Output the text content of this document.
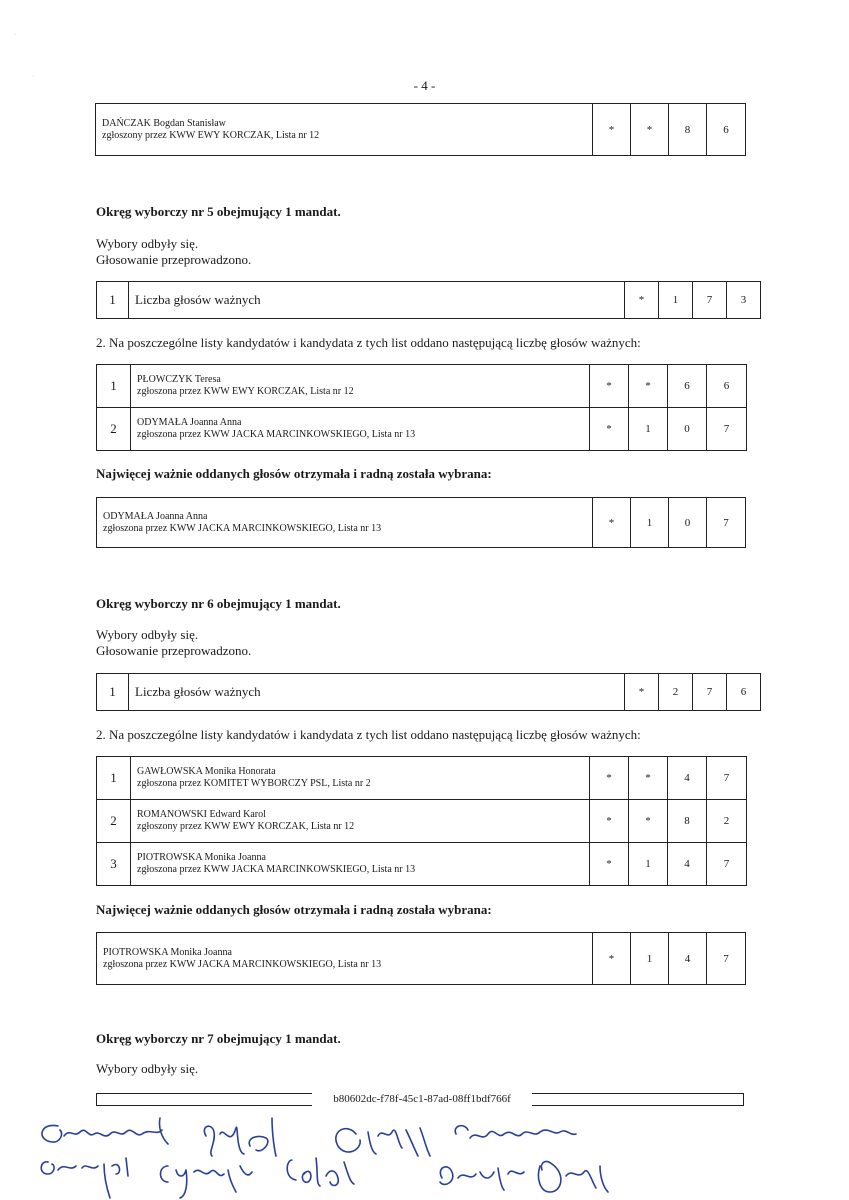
·
·
- 4 -
DAŃCZAK Bogdan Stanisław
zgłoszony przez KWW EWY KORCZAK, Lista nr 12	*	*	8	6
Okręg wyborczy nr 5 obejmujący 1 mandat.
Wybory odbyły się.
Głosowanie przeprowadzono.
1	Liczba głosów ważnych	*	1	7	3
2. Na poszczególne listy kandydatów i kandydata z tych list oddano następującą liczbę głosów ważnych:
1	PŁOWCZYK Teresa
zgłoszona przez KWW EWY KORCZAK, Lista nr 12	*	*	6	6
2	ODYMAŁA Joanna Anna
zgłoszona przez KWW JACKA MARCINKOWSKIEGO, Lista nr 13	*	1	0	7
Najwięcej ważnie oddanych głosów otrzymała i radną została wybrana:
ODYMAŁA Joanna Anna
zgłoszona przez KWW JACKA MARCINKOWSKIEGO, Lista nr 13	*	1	0	7
Okręg wyborczy nr 6 obejmujący 1 mandat.
Wybory odbyły się.
Głosowanie przeprowadzono.
1	Liczba głosów ważnych	*	2	7	6
2. Na poszczególne listy kandydatów i kandydata z tych list oddano następującą liczbę głosów ważnych:
1	GAWŁOWSKA Monika Honorata
zgłoszona przez KOMITET WYBORCZY PSL, Lista nr 2	*	*	4	7
2	ROMANOWSKI Edward Karol
zgłoszony przez KWW EWY KORCZAK, Lista nr 12	*	*	8	2
3	PIOTROWSKA Monika Joanna
zgłoszona przez KWW JACKA MARCINKOWSKIEGO, Lista nr 13	*	1	4	7
Najwięcej ważnie oddanych głosów otrzymała i radną została wybrana:
PIOTROWSKA Monika Joanna
zgłoszona przez KWW JACKA MARCINKOWSKIEGO, Lista nr 13	*	1	4	7
Okręg wyborczy nr 7 obejmujący 1 mandat.
Wybory odbyły się.
b80602dc-f78f-45c1-87ad-08ff1bdf766f
